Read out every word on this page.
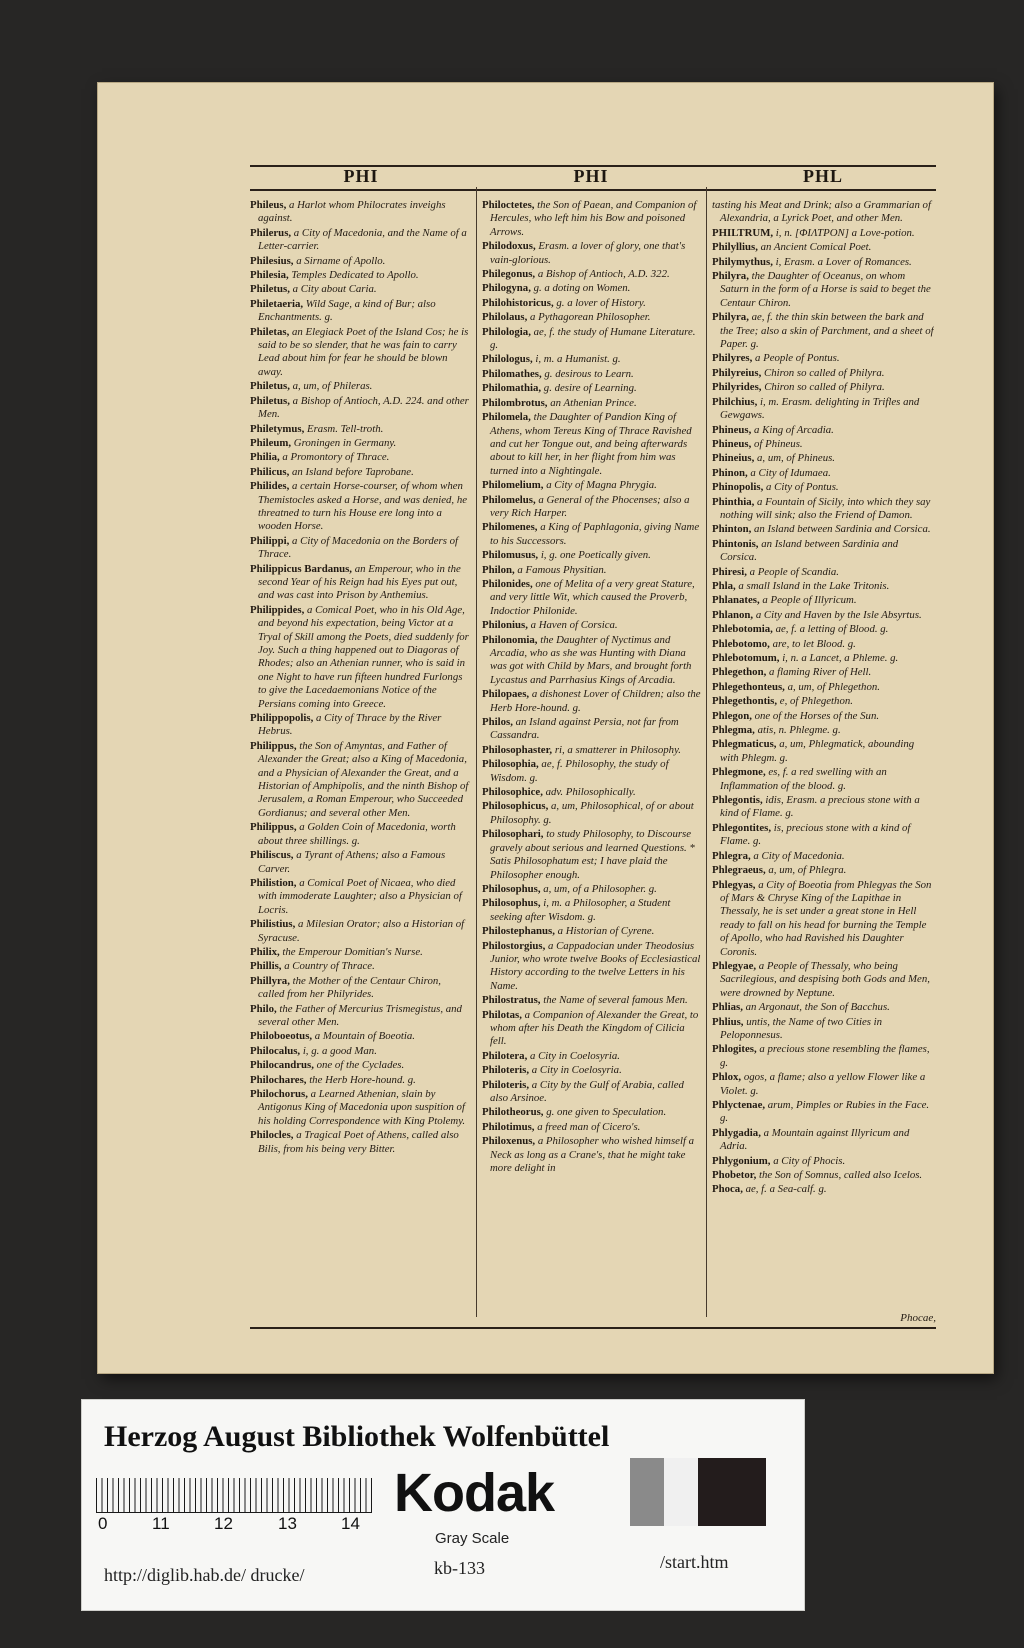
PHI	PHI	PHL

Phileus, a Harlot whom Philocrates inveighs against.

Philerus, a City of Macedonia, and the Name of a Letter-carrier.

Philesius, a Sirname of Apollo.

Philesia, Temples Dedicated to Apollo.

Philetus, a City about Caria.

Philetaeria, Wild Sage, a kind of Bur; also Enchantments. g.

Philetas, an Elegiack Poet of the Island Cos; he is said to be so slender, that he was fain to carry Lead about him for fear he should be blown away.

Philetus, a, um, of Phileras.

Philetus, a Bishop of Antioch, A.D. 224. and other Men.

Philetymus, Erasm. Tell-troth.

Phileum, Groningen in Germany.

Philia, a Promontory of Thrace.

Philicus, an Island before Taprobane.

Philides, a certain Horse-courser, of whom when Themistocles asked a Horse, and was denied, he threatned to turn his House ere long into a wooden Horse.

Philippi, a City of Macedonia on the Borders of Thrace.

Philippicus Bardanus, an Emperour, who in the second Year of his Reign had his Eyes put out, and was cast into Prison by Anthemius.

Philippides, a Comical Poet, who in his Old Age, and beyond his expectation, being Victor at a Tryal of Skill among the Poets, died suddenly for Joy. Such a thing happened out to Diagoras of Rhodes; also an Athenian runner, who is said in one Night to have run fifteen hundred Furlongs to give the Lacedaemonians Notice of the Persians coming into Greece.

Philippopolis, a City of Thrace by the River Hebrus.

Philippus, the Son of Amyntas, and Father of Alexander the Great; also a King of Macedonia, and a Physician of Alexander the Great, and a Historian of Amphipolis, and the ninth Bishop of Jerusalem, a Roman Emperour, who Succeeded Gordianus; and several other Men.

Philippus, a Golden Coin of Macedonia, worth about three shillings. g.

Philiscus, a Tyrant of Athens; also a Famous Carver.

Philistion, a Comical Poet of Nicaea, who died with immoderate Laughter; also a Physician of Locris.

Philistius, a Milesian Orator; also a Historian of Syracuse.

Philix, the Emperour Domitian's Nurse.

Phillis, a Country of Thrace.

Phillyra, the Mother of the Centaur Chiron, called from her Philyrides.

Philo, the Father of Mercurius Trismegistus, and several other Men.

Philoboeotus, a Mountain of Boeotia.

Philocalus, i, g. a good Man.

Philocandrus, one of the Cyclades.

Philochares, the Herb Hore-hound. g.

Philochorus, a Learned Athenian, slain by Antigonus King of Macedonia upon suspition of his holding Correspondence with King Ptolemy.

Philocles, a Tragical Poet of Athens, called also Bilis, from his being very Bitter.

Philoctetes, the Son of Paean, and Companion of Hercules, who left him his Bow and poisoned Arrows.

Philodoxus, Erasm. a lover of glory, one that's vain-glorious.

Philegonus, a Bishop of Antioch, A.D. 322.

Philogyna, g. a doting on Women.

Philohistoricus, g. a lover of History.

Philolaus, a Pythagorean Philosopher.

Philologia, ae, f. the study of Humane Literature. g.

Philologus, i, m. a Humanist. g.

Philomathes, g. desirous to Learn.

Philomathia, g. desire of Learning.

Philombrotus, an Athenian Prince.

Philomela, the Daughter of Pandion King of Athens, whom Tereus King of Thrace Ravished and cut her Tongue out, and being afterwards about to kill her, in her flight from him was turned into a Nightingale.

Philomelium, a City of Magna Phrygia.

Philomelus, a General of the Phocenses; also a very Rich Harper.

Philomenes, a King of Paphlagonia, giving Name to his Successors.

Philomusus, i, g. one Poetically given.

Philon, a Famous Physitian.

Philonides, one of Melita of a very great Stature, and very little Wit, which caused the Proverb, Indoctior Philonide.

Philonius, a Haven of Corsica.

Philonomia, the Daughter of Nyctimus and Arcadia, who as she was Hunting with Diana was got with Child by Mars, and brought forth Lycastus and Parrhasius Kings of Arcadia.

Philopaes, a dishonest Lover of Children; also the Herb Hore-hound. g.

Philos, an Island against Persia, not far from Cassandra.

Philosophaster, ri, a smatterer in Philosophy.

Philosophia, ae, f. Philosophy, the study of Wisdom. g.

Philosophice, adv. Philosophically.

Philosophicus, a, um, Philosophical, of or about Philosophy. g.

Philosophari, to study Philosophy, to Discourse gravely about serious and learned Questions. * Satis Philosophatum est; I have plaid the Philosopher enough.

Philosophus, a, um, of a Philosopher. g.

Philosophus, i, m. a Philosopher, a Student seeking after Wisdom. g.

Philostephanus, a Historian of Cyrene.

Philostorgius, a Cappadocian under Theodosius Junior, who wrote twelve Books of Ecclesiastical History according to the twelve Letters in his Name.

Philostratus, the Name of several famous Men.

Philotas, a Companion of Alexander the Great, to whom after his Death the Kingdom of Cilicia fell.

Philotera, a City in Coelosyria.

Philoteris, a City in Coelosyria.

Philoteris, a City by the Gulf of Arabia, called also Arsinoe.

Philotheorus, g. one given to Speculation.

Philotimus, a freed man of Cicero's.

Philoxenus, a Philosopher who wished himself a Neck as long as a Crane's, that he might take more delight in

tasting his Meat and Drink; also a Grammarian of Alexandria, a Lyrick Poet, and other Men.

PHILTRUM, i, n. [ΦΙΛΤΡΟΝ] a Love-potion.

Philyllius, an Ancient Comical Poet.

Philymythus, i, Erasm. a Lover of Romances.

Philyra, the Daughter of Oceanus, on whom Saturn in the form of a Horse is said to beget the Centaur Chiron.

Philyra, ae, f. the thin skin between the bark and the Tree; also a skin of Parchment, and a sheet of Paper. g.

Philyres, a People of Pontus.

Philyreius, Chiron so called of Philyra.

Philyrides, Chiron so called of Philyra.

Philchius, i, m. Erasm. delighting in Trifles and Gewgaws.

Phineus, a King of Arcadia.

Phineus, of Phineus.

Phineius, a, um, of Phineus.

Phinon, a City of Idumaea.

Phinopolis, a City of Pontus.

Phinthia, a Fountain of Sicily, into which they say nothing will sink; also the Friend of Damon.

Phinton, an Island between Sardinia and Corsica.

Phintonis, an Island between Sardinia and Corsica.

Phiresi, a People of Scandia.

Phla, a small Island in the Lake Tritonis.

Phlanates, a People of Illyricum.

Phlanon, a City and Haven by the Isle Absyrtus.

Phlebotomia, ae, f. a letting of Blood. g.

Phlebotomo, are, to let Blood. g.

Phlebotomum, i, n. a Lancet, a Phleme. g.

Phlegethon, a flaming River of Hell.

Phlegethonteus, a, um, of Phlegethon.

Phlegethontis, e, of Phlegethon.

Phlegon, one of the Horses of the Sun.

Phlegma, atis, n. Phlegme. g.

Phlegmaticus, a, um, Phlegmatick, abounding with Phlegm. g.

Phlegmone, es, f. a red swelling with an Inflammation of the blood. g.

Phlegontis, idis, Erasm. a precious stone with a kind of Flame. g.

Phlegontites, is, precious stone with a kind of Flame. g.

Phlegra, a City of Macedonia.

Phlegraeus, a, um, of Phlegra.

Phlegyas, a City of Boeotia from Phlegyas the Son of Mars & Chryse King of the Lapithae in Thessaly, he is set under a great stone in Hell ready to fall on his head for burning the Temple of Apollo, who had Ravished his Daughter Coronis.

Phlegyae, a People of Thessaly, who being Sacrilegious, and despising both Gods and Men, were drowned by Neptune.

Phlias, an Argonaut, the Son of Bacchus.

Phlius, untis, the Name of two Cities in Peloponnesus.

Phlogites, a precious stone resembling the flames, g.

Phlox, ogos, a flame; also a yellow Flower like a Violet. g.

Phlyctenae, arum, Pimples or Rubies in the Face. g.

Phlygadia, a Mountain against Illyricum and Adria.

Phlygonium, a City of Phocis.

Phobetor, the Son of Somnus, called also Icelos.

Phoca, ae, f. a Sea-calf. g.

Phocae,
Herzog August Bibliothek Wolfenbüttel
0	11	12	13	14
Kodak
Gray Scale
kb-133
http://diglib.hab.de/ drucke/
/start.htm
